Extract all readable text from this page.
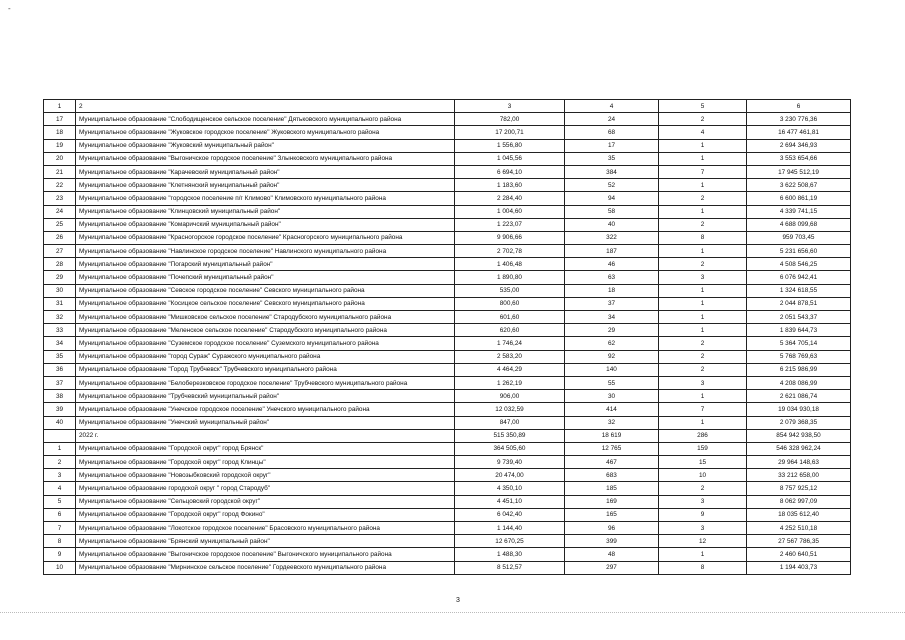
-
1	2	3	4	5	6
17	Муниципальное образование "Слободищенское сельское поселение" Дятьковского муниципального района	782,00	24	2	3 230 776,36
18	Муниципальное образование "Жуковское городское поселение" Жуковского муниципального района	17 200,71	68	4	16 477 461,81
19	Муниципальное образование "Жуковский муниципальный район"	1 556,80	17	1	2 694 346,93
20	Муниципальное образование "Выгоничское городское поселение" Злынковского муниципального района	1 045,56	35	1	3 553 654,66
21	Муниципальное образование "Карачевский муниципальный район"	6 694,10	384	7	17 945 512,19
22	Муниципальное образование "Клетнянский муниципальный район"	1 183,60	52	1	3 622 508,67
23	Муниципальное образование "городское поселение п/г Климово" Климовского муниципального района	2 284,40	94	2	6 600 861,19
24	Муниципальное образование "Клинцовский муниципальный район"	1 004,60	58	1	4 339 741,15
25	Муниципальное образование "Комаричский муниципальный район"	1 223,07	40	2	4 688 099,68
26	Муниципальное образование "Красногорское городское поселение" Красногорского муниципального района	9 906,66	322	8	959 703,45
27	Муниципальное образование "Навлинское городское поселение" Навлинского муниципального района	2 702,78	187	1	5 231 656,60
28	Муниципальное образование "Погарский муниципальный район"	1 406,48	46	2	4 508 546,25
29	Муниципальное образование "Почепский муниципальный район"	1 890,80	63	3	6 076 942,41
30	Муниципальное образование "Севское городское поселение" Севского муниципального района	535,00	18	1	1 324 618,55
31	Муниципальное образование "Косицкое сельское поселение" Севского муниципального района	800,60	37	1	2 044 878,51
32	Муниципальное образование "Мишковское сельское поселение" Стародубского муниципального района	601,60	34	1	2 051 543,37
33	Муниципальное образование "Меленское сельское поселение" Стародубского муниципального района	620,60	29	1	1 839 644,73
34	Муниципальное образование "Суземское городское поселение" Суземского муниципального района	1 746,24	62	2	5 364 705,14
35	Муниципальное образование "город Сураж" Суражского муниципального района	2 583,20	92	2	5 768 769,63
36	Муниципальное образование "Город Трубчевск" Трубчевского муниципального района	4 464,29	140	2	6 215 986,99
37	Муниципальное образование "Белоберезковское городское поселение" Трубчевского муниципального района	1 262,19	55	3	4 208 086,99
38	Муниципальное образование "Трубчевский муниципальный район"	906,00	30	1	2 621 086,74
39	Муниципальное образование "Унечское городское поселение" Унечского муниципального района	12 032,59	414	7	19 034 930,18
40	Муниципальное образование "Унечский муниципальный район"	847,00	32	1	2 079 368,35
	2022 г.	515 350,89	18 619	286	854 942 938,50
1	Муниципальное образование "Городской округ" город Брянск"	364 505,60	12 765	159	546 328 962,24
2	Муниципальное образование "Городской округ" город Клинцы"	9 739,40	467	15	29 964 148,63
3	Муниципальное образование "Новозыбковский городской округ"	20 474,00	683	10	33 212 658,00
4	Муниципальное образование городской округ " город Стародуб"	4 350,10	185	2	8 757 925,12
5	Муниципальное образование "Сельцовский городской округ"	4 451,10	169	3	8 062 997,09
6	Муниципальное образование "Городской округ" город Фокино"	6 042,40	165	9	18 035 612,40
7	Муниципальное образование "Локотское городское поселение" Брасовского муниципального района	1 144,40	96	3	4 252 510,18
8	Муниципальное образование "Брянский муниципальный район"	12 670,25	399	12	27 567 786,35
9	Муниципальное образование "Выгоничское городское поселение" Выгоничского муниципального района	1 488,30	48	1	2 460 640,51
10	Муниципальное образование "Мирнинское сельское поселение" Гордеевского муниципального района	8 512,57	297	8	1 194 403,73
3
